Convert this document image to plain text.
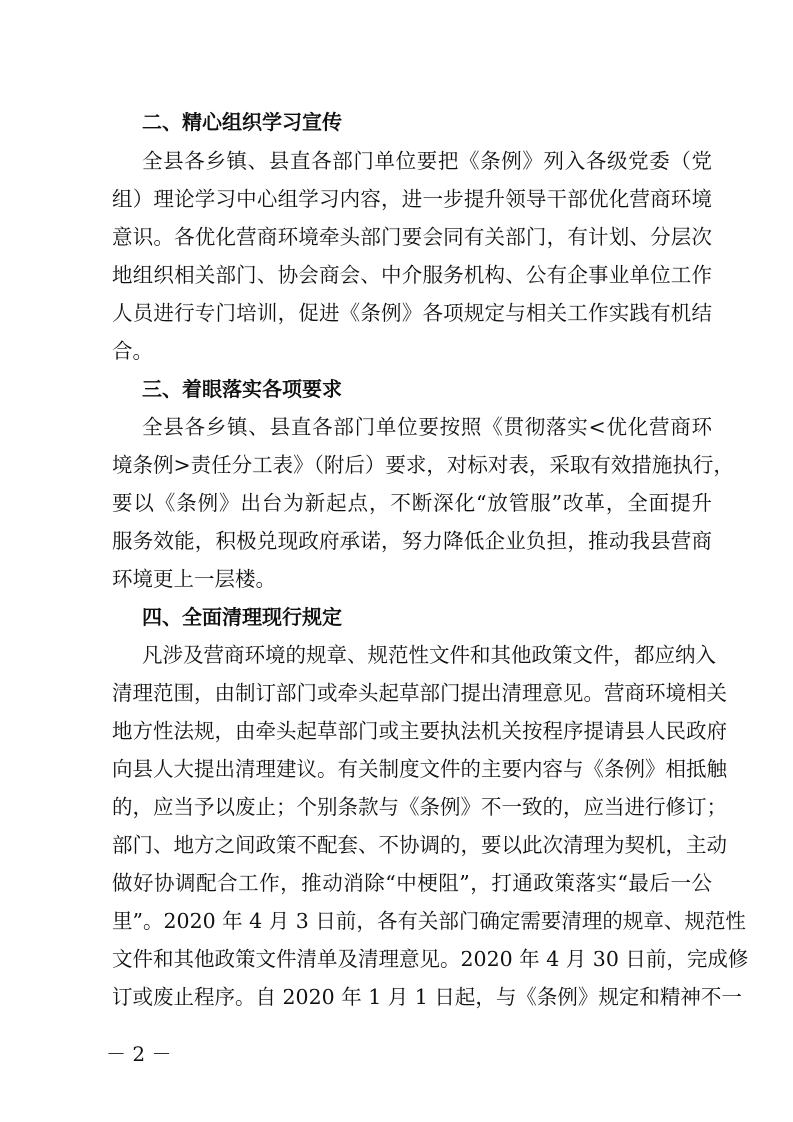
二、精心组织学习宣传
全县各乡镇、县直各部门单位要把《条例》列入各级党委（党
组）理论学习中心组学习内容，进一步提升领导干部优化营商环境
意识。各优化营商环境牵头部门要会同有关部门，有计划、分层次
地组织相关部门、协会商会、中介服务机构、公有企事业单位工作
人员进行专门培训，促进《条例》各项规定与相关工作实践有机结
合。
三、着眼落实各项要求
全县各乡镇、县直各部门单位要按照《贯彻落实<优化营商环
境条例>责任分工表》（附后）要求，对标对表，采取有效措施执行，
要以《条例》出台为新起点，不断深化“放管服”改革，全面提升
服务效能，积极兑现政府承诺，努力降低企业负担，推动我县营商
环境更上一层楼。
四、全面清理现行规定
凡涉及营商环境的规章、规范性文件和其他政策文件，都应纳入
清理范围，由制订部门或牵头起草部门提出清理意见。营商环境相关
地方性法规，由牵头起草部门或主要执法机关按程序提请县人民政府
向县人大提出清理建议。有关制度文件的主要内容与《条例》相抵触
的，应当予以废止；个别条款与《条例》不一致的，应当进行修订；
部门、地方之间政策不配套、不协调的，要以此次清理为契机，主动
做好协调配合工作，推动消除“中梗阻”，打通政策落实“最后一公
里”。2020 年 4 月 3 日前，各有关部门确定需要清理的规章、规范性
文件和其他政策文件清单及清理意见。2020 年 4 月 30 日前，完成修
订或废止程序。自 2020 年 1 月 1 日起，与《条例》规定和精神不一
－ 2 －
